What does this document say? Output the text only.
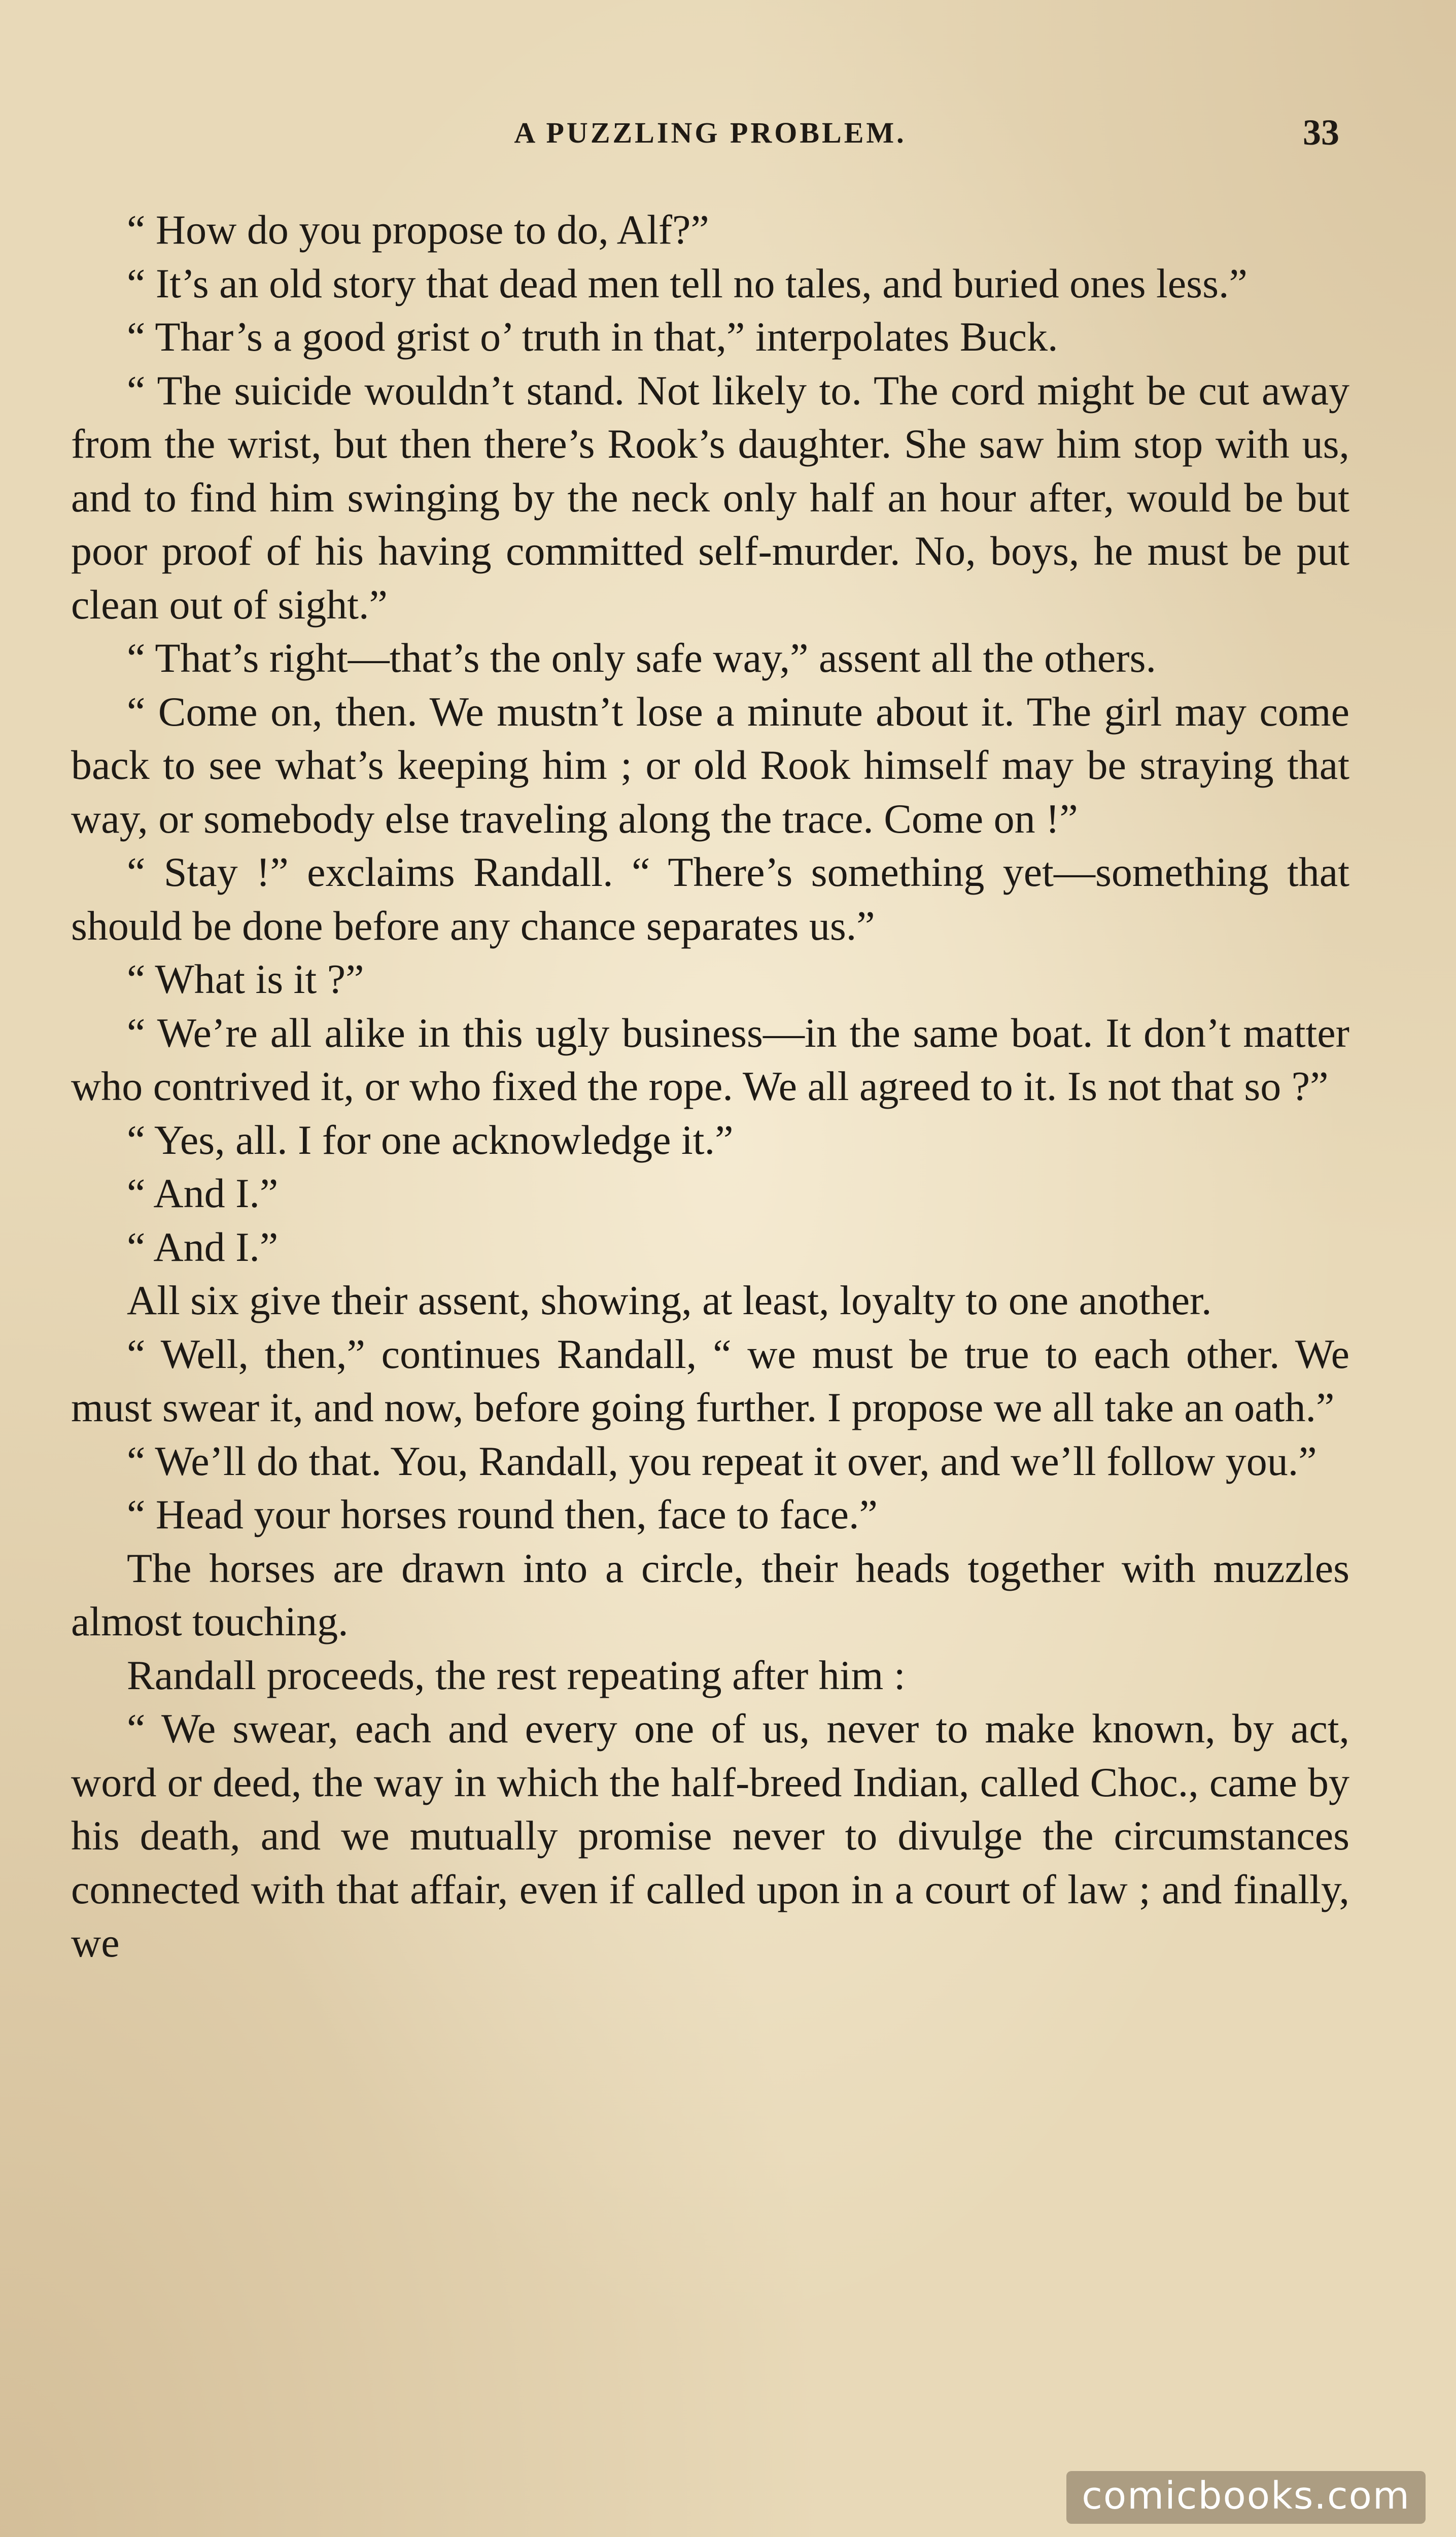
A PUZZLING PROBLEM.	33

“ How do you propose to do, Alf?”

“ It’s an old story that dead men tell no tales, and buried ones less.”

“ Thar’s a good grist o’ truth in that,” interpolates Buck.

“ The suicide wouldn’t stand. Not likely to. The cord might be cut away from the wrist, but then there’s Rook’s daughter. She saw him stop with us, and to find him swinging by the neck only half an hour after, would be but poor proof of his having committed self-murder. No, boys, he must be put clean out of sight.”

“ That’s right—that’s the only safe way,” assent all the others.

“ Come on, then. We mustn’t lose a minute about it. The girl may come back to see what’s keeping him ; or old Rook himself may be straying that way, or somebody else traveling along the trace. Come on !”

“ Stay !” exclaims Randall. “ There’s something yet—something that should be done before any chance separates us.”

“ What is it ?”

“ We’re all alike in this ugly business—in the same boat. It don’t matter who contrived it, or who fixed the rope. We all agreed to it. Is not that so ?”

“ Yes, all. I for one acknowledge it.”

“ And I.”

“ And I.”

All six give their assent, showing, at least, loyalty to one another.

“ Well, then,” continues Randall, “ we must be true to each other. We must swear it, and now, before going further. I propose we all take an oath.”

“ We’ll do that. You, Randall, you repeat it over, and we’ll follow you.”

“ Head your horses round then, face to face.”

The horses are drawn into a circle, their heads together with muzzles almost touching.

Randall proceeds, the rest repeating after him :

“ We swear, each and every one of us, never to make known, by act, word or deed, the way in which the half-breed Indian, called Choc., came by his death, and we mutually promise never to divulge the circumstances connected with that affair, even if called upon in a court of law ; and finally, we

comicbooks.com
